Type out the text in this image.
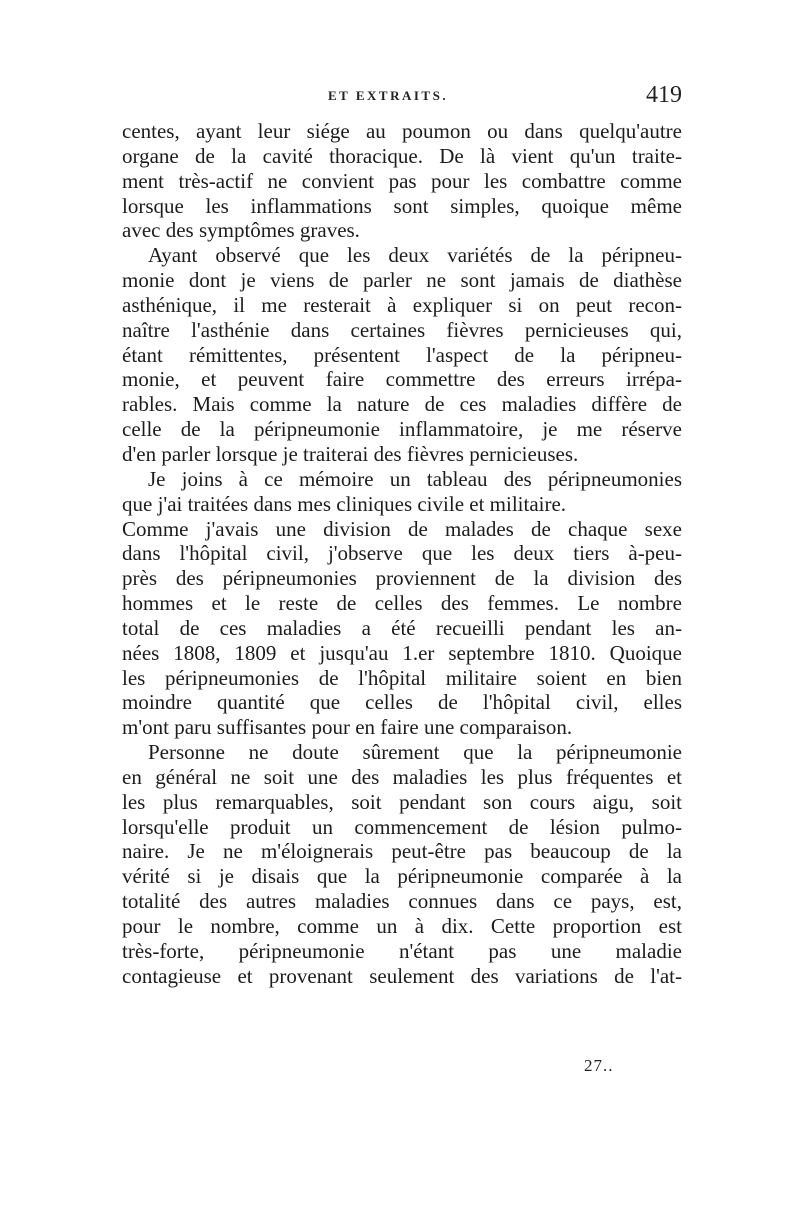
ET EXTRAITS.	419
centes, ayant leur siége au poumon ou dans quelqu'autre
organe de la cavité thoracique. De là vient qu'un traite-
ment très-actif ne convient pas pour les combattre comme
lorsque les inflammations sont simples, quoique même
avec des symptômes graves.
Ayant observé que les deux variétés de la péripneu-
monie dont je viens de parler ne sont jamais de diathèse
asthénique, il me resterait à expliquer si on peut recon-
naître l'asthénie dans certaines fièvres pernicieuses qui,
étant rémittentes, présentent l'aspect de la péripneu-
monie, et peuvent faire commettre des erreurs irrépa-
rables. Mais comme la nature de ces maladies diffère de
celle de la péripneumonie inflammatoire, je me réserve
d'en parler lorsque je traiterai des fièvres pernicieuses.
Je joins à ce mémoire un tableau des péripneumonies
que j'ai traitées dans mes cliniques civile et militaire.
Comme j'avais une division de malades de chaque sexe
dans l'hôpital civil, j'observe que les deux tiers à-peu-
près des péripneumonies proviennent de la division des
hommes et le reste de celles des femmes. Le nombre
total de ces maladies a été recueilli pendant les an-
nées 1808, 1809 et jusqu'au 1.er septembre 1810. Quoique
les péripneumonies de l'hôpital militaire soient en bien
moindre quantité que celles de l'hôpital civil, elles
m'ont paru suffisantes pour en faire une comparaison.
Personne ne doute sûrement que la péripneumonie
en général ne soit une des maladies les plus fréquentes et
les plus remarquables, soit pendant son cours aigu, soit
lorsqu'elle produit un commencement de lésion pulmo-
naire. Je ne m'éloignerais peut-être pas beaucoup de la
vérité si je disais que la péripneumonie comparée à la
totalité des autres maladies connues dans ce pays, est,
pour le nombre, comme un à dix. Cette proportion est
très-forte, péripneumonie n'étant pas une maladie
contagieuse et provenant seulement des variations de l'at-
27..
